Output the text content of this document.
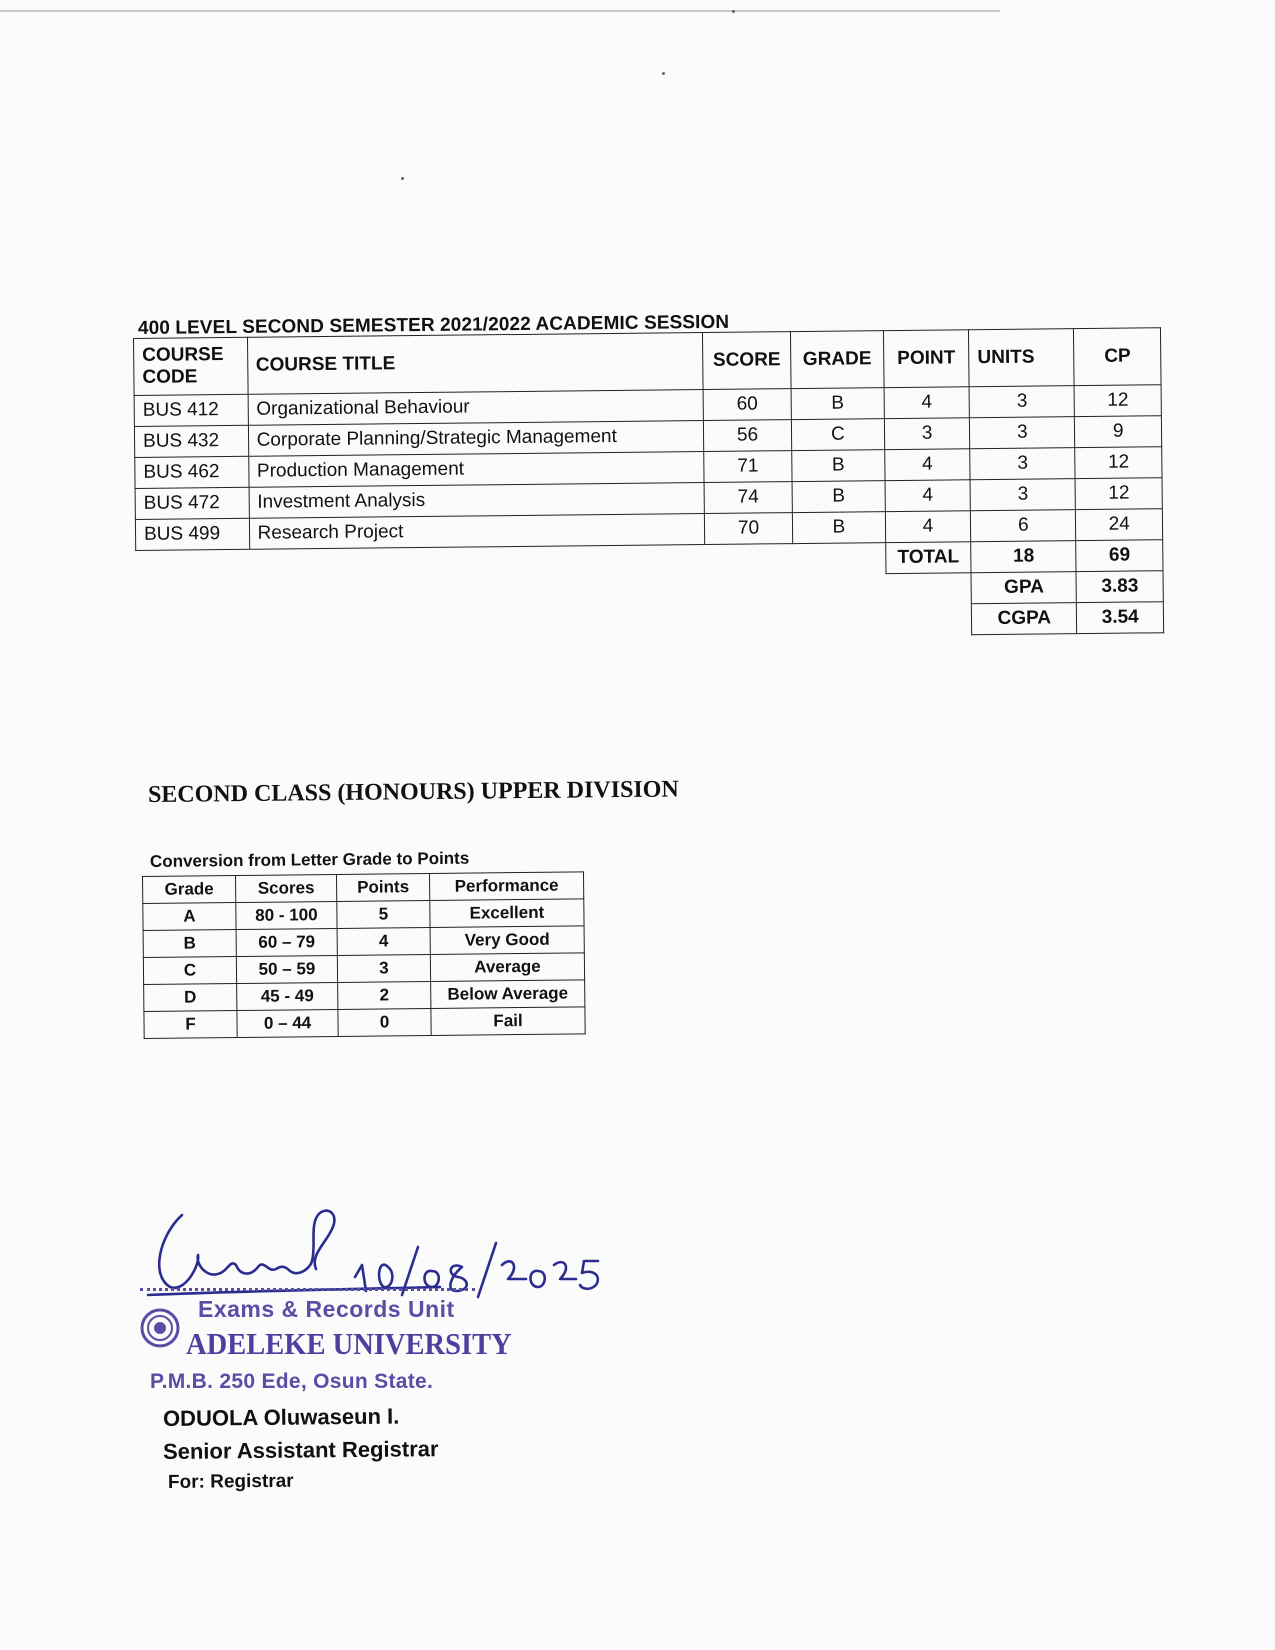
400 LEVEL SECOND SEMESTER 2021/2022 ACADEMIC SESSION
COURSE CODE	COURSE TITLE	SCORE	GRADE	POINT	UNITS	CP
BUS 412	Organizational Behaviour	60	B	4	3	12
BUS 432	Corporate Planning/Strategic Management	56	C	3	3	9
BUS 462	Production Management	71	B	4	3	12
BUS 472	Investment Analysis	74	B	4	3	12
BUS 499	Research Project	70	B	4	6	24
				TOTAL	18	69
					GPA	3.83
					CGPA	3.54
SECOND CLASS (HONOURS) UPPER DIVISION
Conversion from Letter Grade to Points
Grade	Scores	Points	Performance
A	80 - 100	5	Excellent
B	60 – 79	4	Very Good
C	50 – 59	3	Average
D	45 - 49	2	Below Average
F	0 – 44	0	Fail
Exams & Records Unit
ADELEKE UNIVERSITY
P.M.B. 250 Ede, Osun State.
ODUOLA Oluwaseun I.
Senior Assistant Registrar
For: Registrar
